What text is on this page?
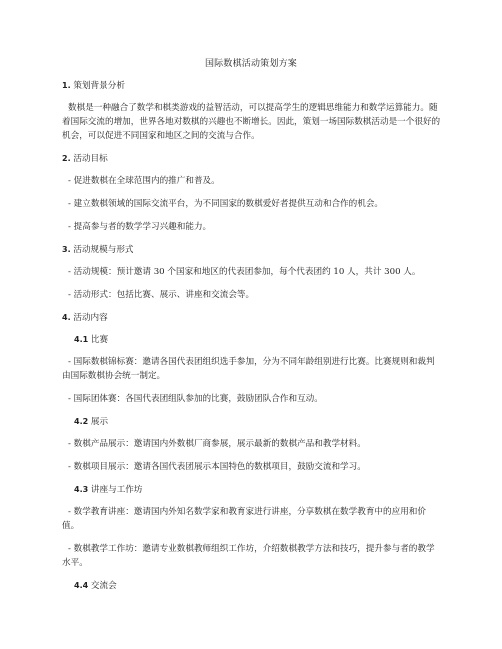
国际数棋活动策划方案
1. 策划背景分析

数棋是一种融合了数学和棋类游戏的益智活动，可以提高学生的逻辑思维能力和数学运算能力。随着国际交流的增加，世界各地对数棋的兴趣也不断增长。因此，策划一场国际数棋活动是一个很好的机会，可以促进不同国家和地区之间的交流与合作。

2. 活动目标

- 促进数棋在全球范围内的推广和普及。

- 建立数棋领域的国际交流平台，为不同国家的数棋爱好者提供互动和合作的机会。

- 提高参与者的数学学习兴趣和能力。

3. 活动规模与形式

- 活动规模：预计邀请 30 个国家和地区的代表团参加，每个代表团约 10 人，共计 300 人。

- 活动形式：包括比赛、展示、讲座和交流会等。

4. 活动内容
4.1 比赛

- 国际数棋锦标赛：邀请各国代表团组织选手参加，分为不同年龄组别进行比赛。比赛规则和裁判由国际数棋协会统一制定。

- 国际团体赛：各国代表团组队参加的比赛，鼓励团队合作和互动。

4.2 展示

- 数棋产品展示：邀请国内外数棋厂商参展，展示最新的数棋产品和教学材料。

- 数棋项目展示：邀请各国代表团展示本国特色的数棋项目，鼓励交流和学习。

4.3 讲座与工作坊

- 数学教育讲座：邀请国内外知名数学家和教育家进行讲座，分享数棋在数学教育中的应用和价值。

- 数棋教学工作坊：邀请专业数棋教师组织工作坊，介绍数棋教学方法和技巧，提升参与者的教学水平。

4.4 交流会
